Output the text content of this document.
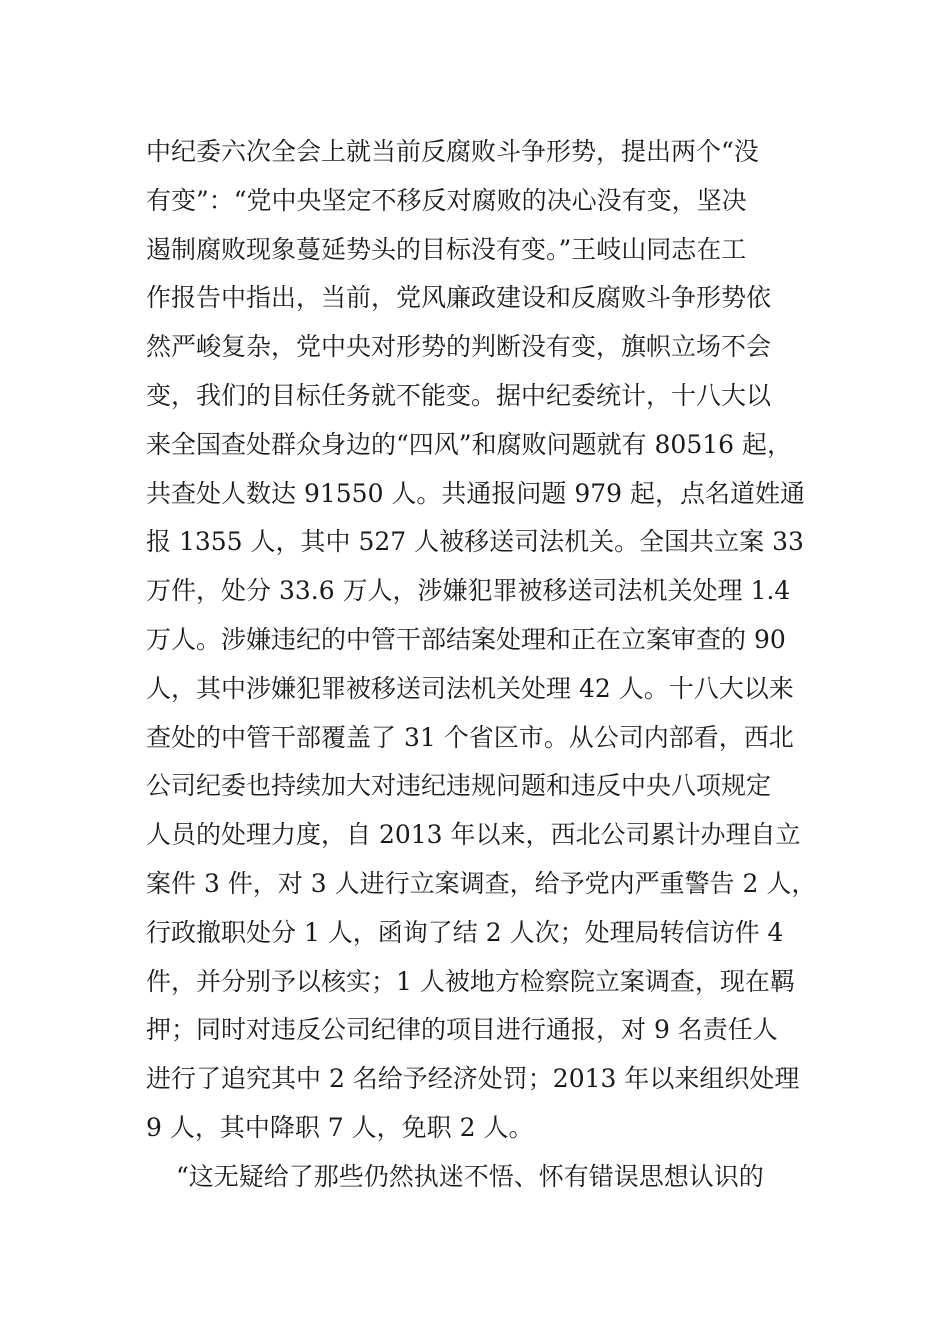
中纪委六次全会上就当前反腐败斗争形势，提出两个“没
有变”：“党中央坚定不移反对腐败的决心没有变，坚决
遏制腐败现象蔓延势头的目标没有变。”王岐山同志在工
作报告中指出，当前，党风廉政建设和反腐败斗争形势依
然严峻复杂，党中央对形势的判断没有变，旗帜立场不会
变，我们的目标任务就不能变。据中纪委统计，十八大以
来全国查处群众身边的“四风”和腐败问题就有 80516 起，
共查处人数达 91550 人。共通报问题 979 起，点名道姓通
报 1355 人，其中 527 人被移送司法机关。全国共立案 33
万件，处分 33.6 万人，涉嫌犯罪被移送司法机关处理 1.4
万人。涉嫌违纪的中管干部结案处理和正在立案审查的 90
人，其中涉嫌犯罪被移送司法机关处理 42 人。十八大以来
查处的中管干部覆盖了 31 个省区市。从公司内部看，西北
公司纪委也持续加大对违纪违规问题和违反中央八项规定
人员的处理力度，自 2013 年以来，西北公司累计办理自立
案件 3 件，对 3 人进行立案调查，给予党内严重警告 2 人，
行政撤职处分 1 人，函询了结 2 人次；处理局转信访件 4
件，并分别予以核实；1 人被地方检察院立案调查，现在羁
押；同时对违反公司纪律的项目进行通报，对 9 名责任人
进行了追究其中 2 名给予经济处罚；2013 年以来组织处理
9 人，其中降职 7 人，免职 2 人。
“这无疑给了那些仍然执迷不悟、怀有错误思想认识的
